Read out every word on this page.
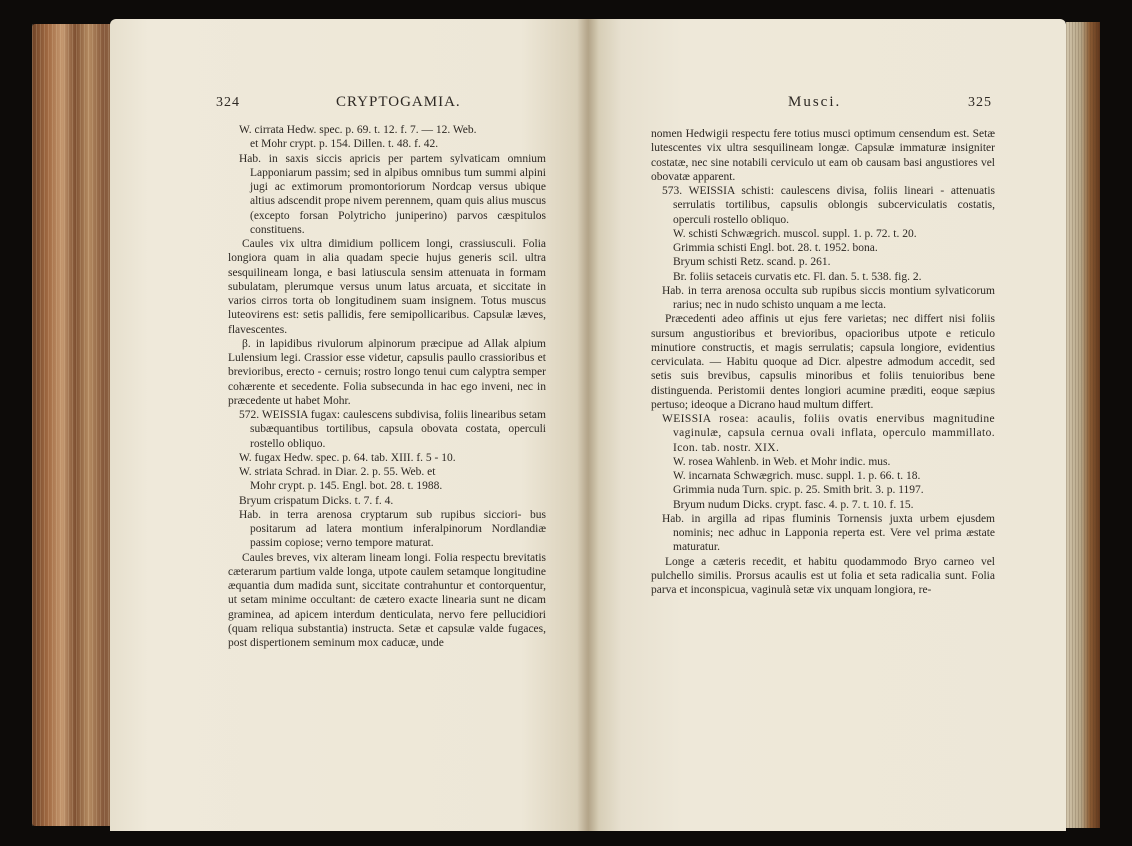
324	CRYPTOGAMIA.

W. cirrata Hedw. spec. p. 69. t. 12. f. 7. — 12. Web.

et Mohr crypt. p. 154. Dillen. t. 48. f. 42.

Hab. in saxis siccis apricis per partem sylvaticam omnium Lapponiarum passim; sed in alpibus omnibus tum summi alpini jugi ac extimorum promontoriorum Nordcap versus ubique altius adscendit prope nivem perennem, quam quis alius muscus (excepto forsan Polytricho juniperino) parvos cæspitulos constituens.

Caules vix ultra dimidium pollicem longi, crassiusculi. Folia longiora quam in alia quadam specie hujus generis scil. ultra sesquilineam longa, e basi latiuscula sensim attenuata in formam subulatam, plerumque versus unum latus arcuata, et siccitate in varios cirros torta ob longitudinem suam insignem. Totus muscus luteovirens est: setis pallidis, fere semipollicaribus. Capsulæ læves, flavescentes.

β. in lapidibus rivulorum alpinorum præcipue ad Allak alpium Lulensium legi. Crassior esse videtur, capsulis paullo crassioribus et brevioribus, erecto - cernuis; rostro longo tenui cum calyptra semper cohærente et secedente. Folia subsecunda in hac ego inveni, nec in præcedente ut habet Mohr.

572. WEISSIA fugax: caulescens subdivisa, foliis linearibus setam subæquantibus tortilibus, capsula obovata costata, operculi rostello obliquo.

W. fugax Hedw. spec. p. 64. tab. XIII. f. 5 - 10.

W. striata Schrad. in Diar. 2. p. 55. Web. et

Mohr crypt. p. 145. Engl. bot. 28. t. 1988.

Bryum crispatum Dicks. t. 7. f. 4.

Hab. in terra arenosa cryptarum sub rupibus sicciori- bus positarum ad latera montium inferalpinorum Nordlandiæ passim copiose; verno tempore maturat.

Caules breves, vix alteram lineam longi. Folia respectu brevitatis cæterarum partium valde longa, utpote caulem setamque longitudine æquantia dum madida sunt, siccitate contrahuntur et contorquentur, ut setam minime occultant: de cætero exacte linearia sunt ne dicam graminea, ad apicem interdum denticulata, nervo fere pellucidiori (quam reliqua substantia) instructa. Setæ et capsulæ valde fugaces, post dispertionem seminum mox caducæ, unde

Musci.	325

nomen Hedwigii respectu fere totius musci optimum censendum est. Setæ lutescentes vix ultra sesquilineam longæ. Capsulæ immaturæ insigniter costatæ, nec sine notabili cerviculo ut eam ob causam basi angustiores vel obovatæ apparent.

573. WEISSIA schisti: caulescens divisa, foliis lineari - attenuatis serrulatis tortilibus, capsulis oblongis subcerviculatis costatis, operculi rostello obliquo.

W. schisti Schwægrich. muscol. suppl. 1. p. 72. t. 20.

Grimmia schisti Engl. bot. 28. t. 1952. bona.

Bryum schisti Retz. scand. p. 261.

Br. foliis setaceis curvatis etc. Fl. dan. 5. t. 538. fig. 2.

Hab. in terra arenosa occulta sub rupibus siccis montium sylvaticorum rarius; nec in nudo schisto unquam a me lecta.

Præcedenti adeo affinis ut ejus fere varietas; nec differt nisi foliis sursum angustioribus et brevioribus, opacioribus utpote e reticulo minutiore constructis, et magis serrulatis; capsula longiore, evidentius cerviculata. — Habitu quoque ad Dicr. alpestre admodum accedit, sed setis suis brevibus, capsulis minoribus et foliis tenuioribus bene distinguenda. Peristomii dentes longiori acumine præditi, eoque sæpius pertuso; ideoque a Dicrano haud multum differt.

WEISSIA rosea: acaulis, foliis ovatis enervibus magnitudine vaginulæ, capsula cernua ovali inflata, operculo mammillato. Icon. tab. nostr. XIX.

W. rosea Wahlenb. in Web. et Mohr indic. mus.

W. incarnata Schwægrich. musc. suppl. 1. p. 66. t. 18.

Grimmia nuda Turn. spic. p. 25. Smith brit. 3. p. 1197.

Bryum nudum Dicks. crypt. fasc. 4. p. 7. t. 10. f. 15.

Hab. in argilla ad ripas fluminis Tornensis juxta urbem ejusdem nominis; nec adhuc in Lapponia reperta est. Vere vel prima æstate maturatur.

Longe a cæteris recedit, et habitu quodammodo Bryo carneo vel pulchello similis. Prorsus acaulis est ut folia et seta radicalia sunt. Folia parva et inconspicua, vaginulà setæ vix unquam longiora, re-
